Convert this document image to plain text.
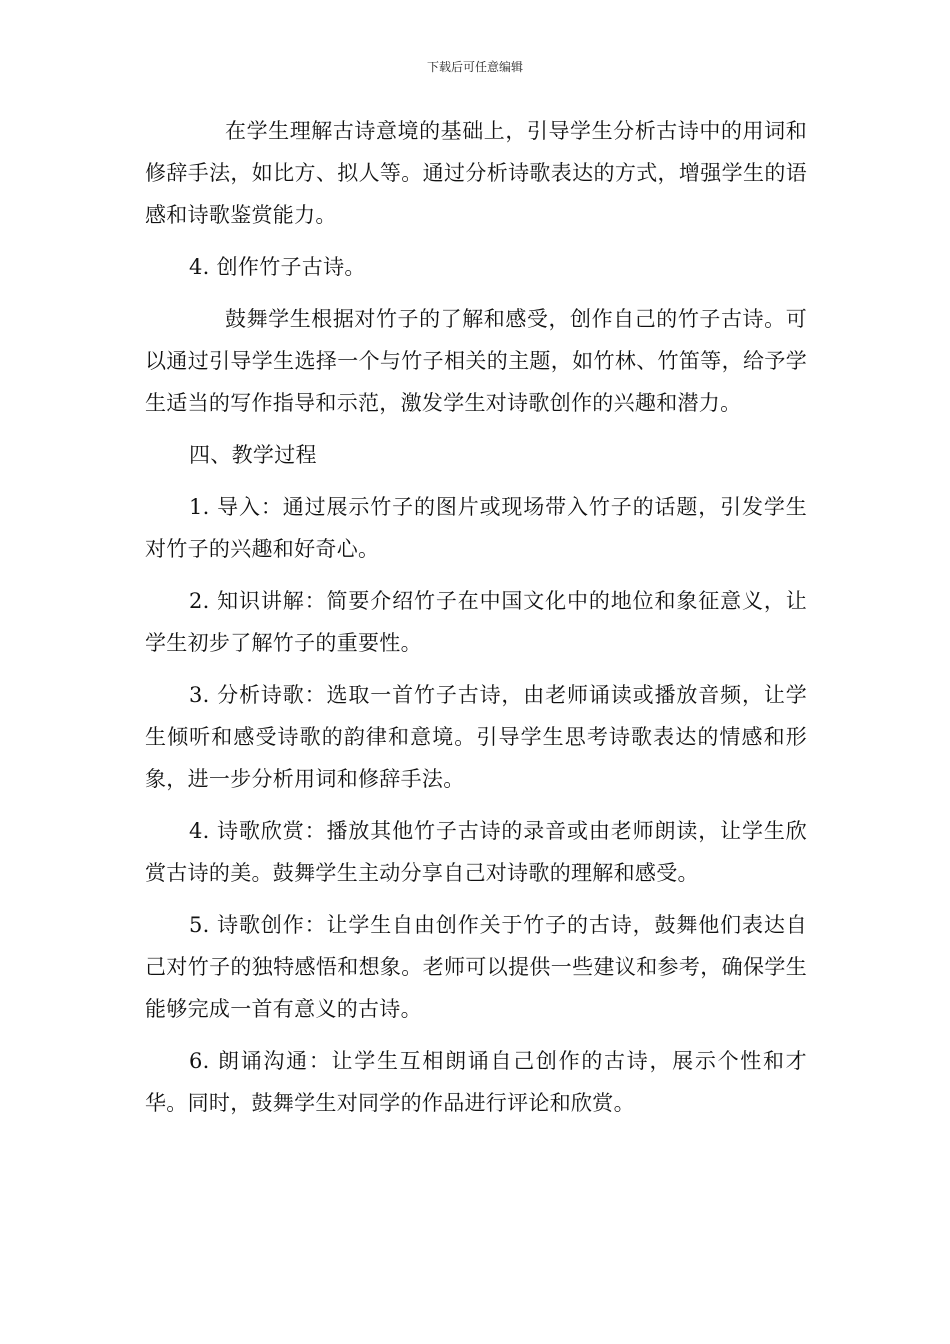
下载后可任意编辑

在学生理解古诗意境的基础上，引导学生分析古诗中的用词和修辞手法，如比方、拟人等。通过分析诗歌表达的方式，增强学生的语感和诗歌鉴赏能力。

4. 创作竹子古诗。

鼓舞学生根据对竹子的了解和感受，创作自己的竹子古诗。可以通过引导学生选择一个与竹子相关的主题，如竹林、竹笛等，给予学生适当的写作指导和示范，激发学生对诗歌创作的兴趣和潜力。

四、教学过程

1. 导入：通过展示竹子的图片或现场带入竹子的话题，引发学生对竹子的兴趣和好奇心。

2. 知识讲解：简要介绍竹子在中国文化中的地位和象征意义，让学生初步了解竹子的重要性。

3. 分析诗歌：选取一首竹子古诗，由老师诵读或播放音频，让学生倾听和感受诗歌的韵律和意境。引导学生思考诗歌表达的情感和形象，进一步分析用词和修辞手法。

4. 诗歌欣赏：播放其他竹子古诗的录音或由老师朗读，让学生欣赏古诗的美。鼓舞学生主动分享自己对诗歌的理解和感受。

5. 诗歌创作：让学生自由创作关于竹子的古诗，鼓舞他们表达自己对竹子的独特感悟和想象。老师可以提供一些建议和参考，确保学生能够完成一首有意义的古诗。

6. 朗诵沟通：让学生互相朗诵自己创作的古诗，展示个性和才华。同时，鼓舞学生对同学的作品进行评论和欣赏。
